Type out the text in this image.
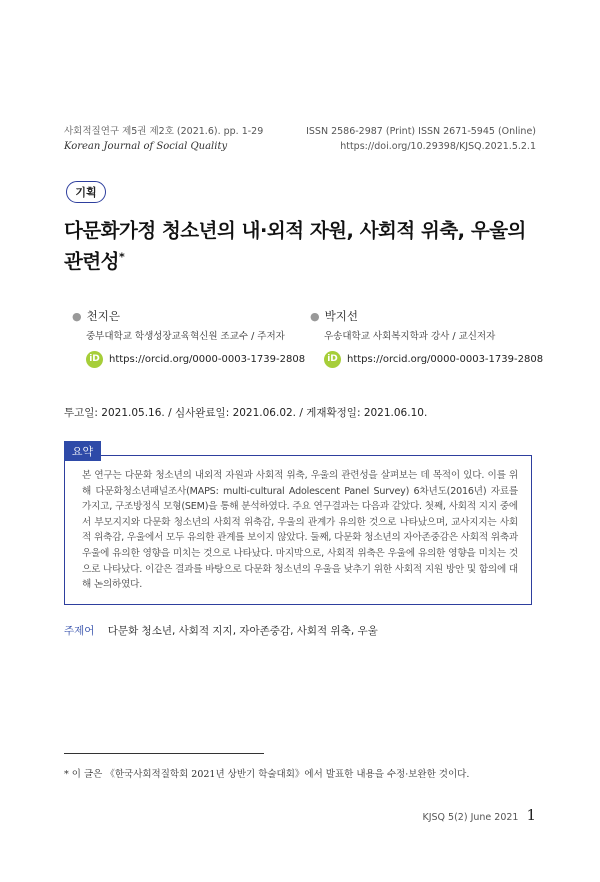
사회적질연구 제5권 제2호 (2021.6). pp. 1-29
Korean Journal of Social Quality
ISSN 2586-2987 (Print) ISSN 2671-5945 (Online)
https://doi.org/10.29398/KJSQ.2021.5.2.1
기획
다문화가정 청소년의 내·외적 자원, 사회적 위축, 우울의 관련성*
● 천지은
중부대학교 학생성장교육혁신원 조교수 / 주저자
iD https://orcid.org/0000-0003-1739-2808
● 박지선
우송대학교 사회복지학과 강사 / 교신저자
iD https://orcid.org/0000-0003-1739-2808
투고일: 2021.05.16. / 심사완료일: 2021.06.02. / 게재확정일: 2021.06.10.
요약
본 연구는 다문화 청소년의 내외적 자원과 사회적 위축, 우울의 관련성을 살펴보는 데 목적이 있다. 이를 위해 다문화청소년패널조사(MAPS: multi-cultural Adolescent Panel Survey) 6차년도(2016년) 자료를 가지고, 구조방정식 모형(SEM)을 통해 분석하였다. 주요 연구결과는 다음과 같았다. 첫째, 사회적 지지 중에서 부모지지와 다문화 청소년의 사회적 위축감, 우울의 관계가 유의한 것으로 나타났으며, 교사지지는 사회적 위축감, 우울에서 모두 유의한 관계를 보이지 않았다. 둘째, 다문화 청소년의 자아존중감은 사회적 위축과 우울에 유의한 영향을 미치는 것으로 나타났다. 마지막으로, 사회적 위축은 우울에 유의한 영향을 미치는 것으로 나타났다. 이같은 결과를 바탕으로 다문화 청소년의 우울을 낮추기 위한 사회적 지원 방안 및 함의에 대해 논의하였다.
주제어 다문화 청소년, 사회적 지지, 자아존중감, 사회적 위축, 우울
* 이 글은 《한국사회적질학회 2021년 상반기 학술대회》에서 발표한 내용을 수정·보완한 것이다.
KJSQ 5(2) June 2021 1
